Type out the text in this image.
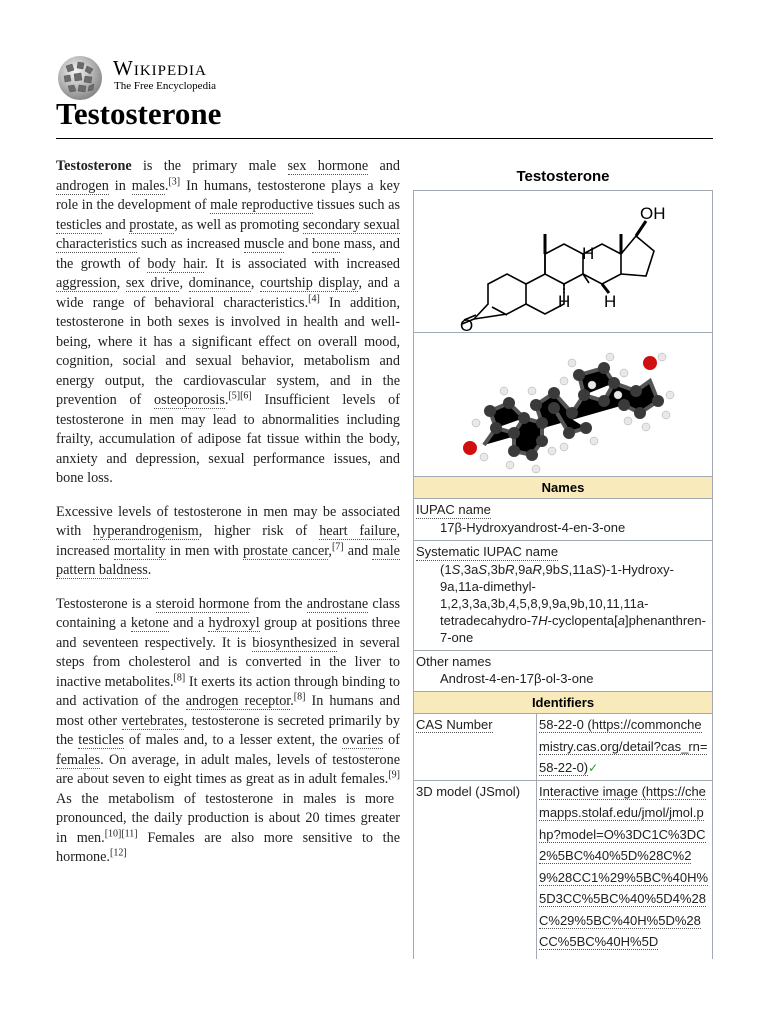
Wikipedia
The Free Encyclopedia
Testosterone

Testosterone is the primary male sex hormone and androgen in males.[3] In humans, testosterone plays a key role in the development of male reproductive tissues such as testicles and prostate, as well as promoting secondary sexual characteristics such as increased muscle and bone mass, and the growth of body hair. It is associated with increased aggression, sex drive, dominance, courtship display, and a wide range of behavioral characteristics.[4] In addition, testosterone in both sexes is involved in health and well-being, where it has a significant effect on overall mood, cognition, social and sexual behavior, metabolism and energy output, the cardiovascular system, and in the prevention of osteoporosis.[5][6] Insufficient levels of testosterone in men may lead to abnormalities including frailty, accumulation of adipose fat tissue within the body, anxiety and depression, sexual performance issues, and bone loss.

Excessive levels of testosterone in men may be associated with hyperandrogenism, higher risk of heart failure, increased mortality in men with prostate cancer,[7] and male pattern baldness.

Testosterone is a steroid hormone from the androstane class containing a ketone and a hydroxyl group at positions three and seventeen respectively. It is biosynthesized in several steps from cholesterol and is converted in the liver to inactive metabolites.[8] It exerts its action through binding to and activation of the androgen receptor.[8] In humans and most other vertebrates, testosterone is secreted primarily by the testicles of males and, to a lesser extent, the ovaries of females. On average, in adult males, levels of testosterone are about seven to eight times as great as in adult females.[9] As the metabolism of testosterone in males is more pronounced, the daily production is about 20 times greater in men.[10][11] Females are also more sensitive to the hormone.[12]

Testosterone
OH
O
H
H H
Names
IUPAC name
17β-Hydroxyandrost-4-en-3-one
Systematic IUPAC name
(1S,3aS,3bR,9aR,9bS,11aS)-1-Hydroxy-9a,11a-dimethyl-1,2,3,3a,3b,4,5,8,9,9a,9b,10,11,11a-tetradecahydro-7H-cyclopenta[a]phenanthren-7-one
Other names
Androst-4-en-17β-ol-3-one
Identifiers
CAS Number	58-22-0 (https://commonchemistry.cas.org/detail?cas_rn=58-22-0)✓
3D model (JSmol)	Interactive image (https://chemapps.stolaf.edu/jmol/jmol.php?model=O%3DC1C%3DC2%5BC%40%5D%28C%29%28CC1%29%5BC%40H%5D3CC%5BC%40%5D4%28C%29%5BC%40H%5D%28CC%5BC%40H%5D
